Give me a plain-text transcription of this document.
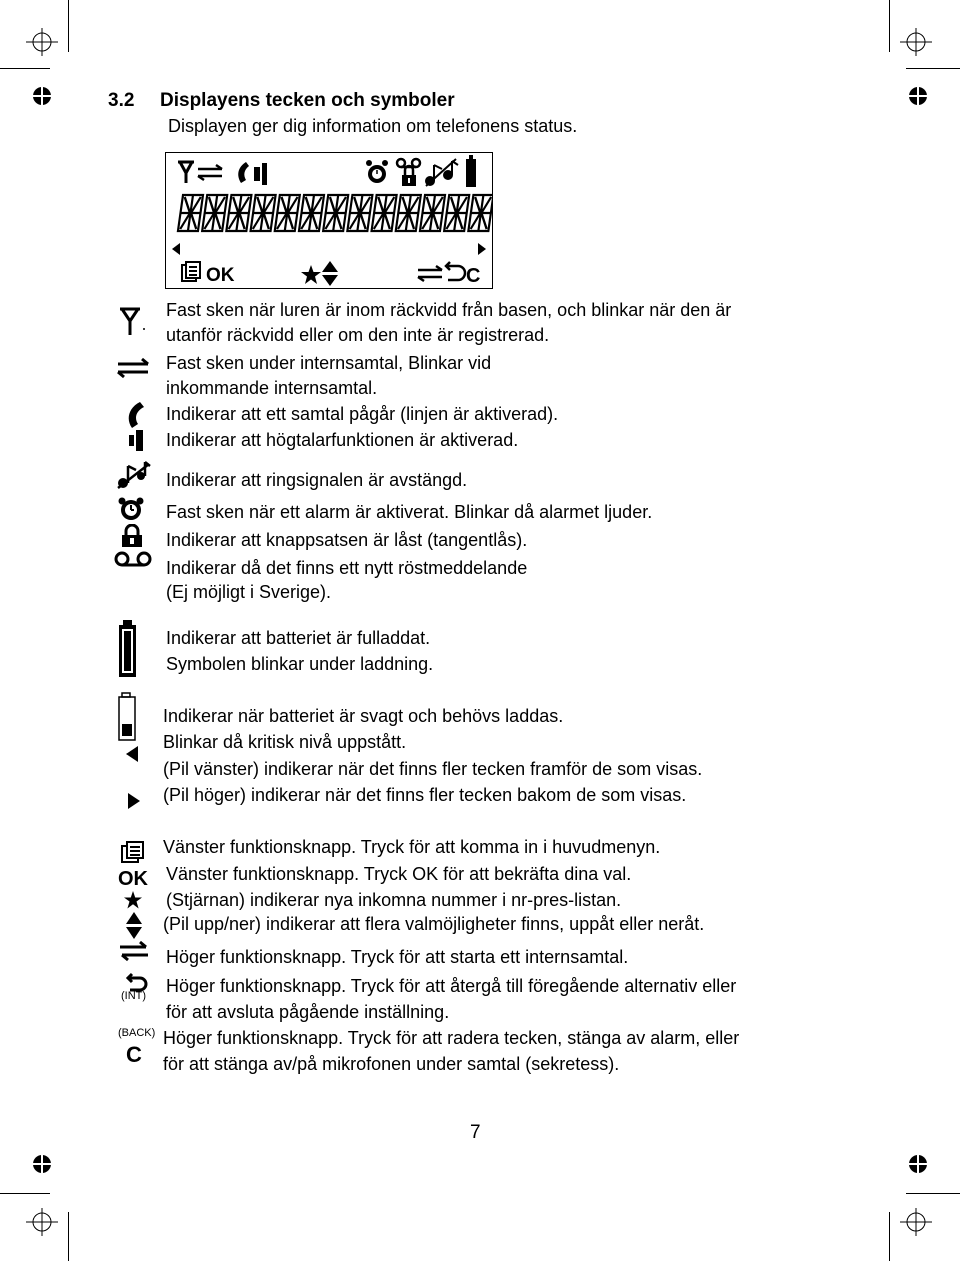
3.2 Displayens tecken och symboler
Displayen ger dig information om telefonens status.
OK	C
OK
(INT)
(BACK)
C
Fast sken när luren är inom räckvidd från basen, och blinkar när den är
utanför räckvidd eller om den inte är registrerad.
Fast sken under internsamtal, Blinkar vid
inkommande internsamtal.
Indikerar att ett samtal pågår (linjen är aktiverad).
Indikerar att högtalarfunktionen är aktiverad.
Indikerar att ringsignalen är avstängd.
Fast sken när ett alarm är aktiverat. Blinkar då alarmet ljuder.
Indikerar att knappsatsen är låst (tangentlås).
Indikerar då det finns ett nytt röstmeddelande
(Ej möjligt i Sverige).
Indikerar att batteriet är fulladdat.
Symbolen blinkar under laddning.
Indikerar när batteriet är svagt och behövs laddas.
Blinkar då kritisk nivå uppstått.
(Pil vänster) indikerar när det finns fler tecken framför de som visas.
(Pil höger) indikerar när det finns fler tecken bakom de som visas.
Vänster funktionsknapp. Tryck för att komma in i huvudmenyn.
Vänster funktionsknapp. Tryck OK för att bekräfta dina val.
(Stjärnan) indikerar nya inkomna nummer i nr-pres-listan.
(Pil upp/ner) indikerar att flera valmöjligheter finns, uppåt eller neråt.
Höger funktionsknapp. Tryck för att starta ett internsamtal.
Höger funktionsknapp. Tryck för att återgå till föregående alternativ eller
för att avsluta pågående inställning.
Höger funktionsknapp. Tryck för att radera tecken, stänga av alarm, eller
för att stänga av/på mikrofonen under samtal (sekretess).
7
